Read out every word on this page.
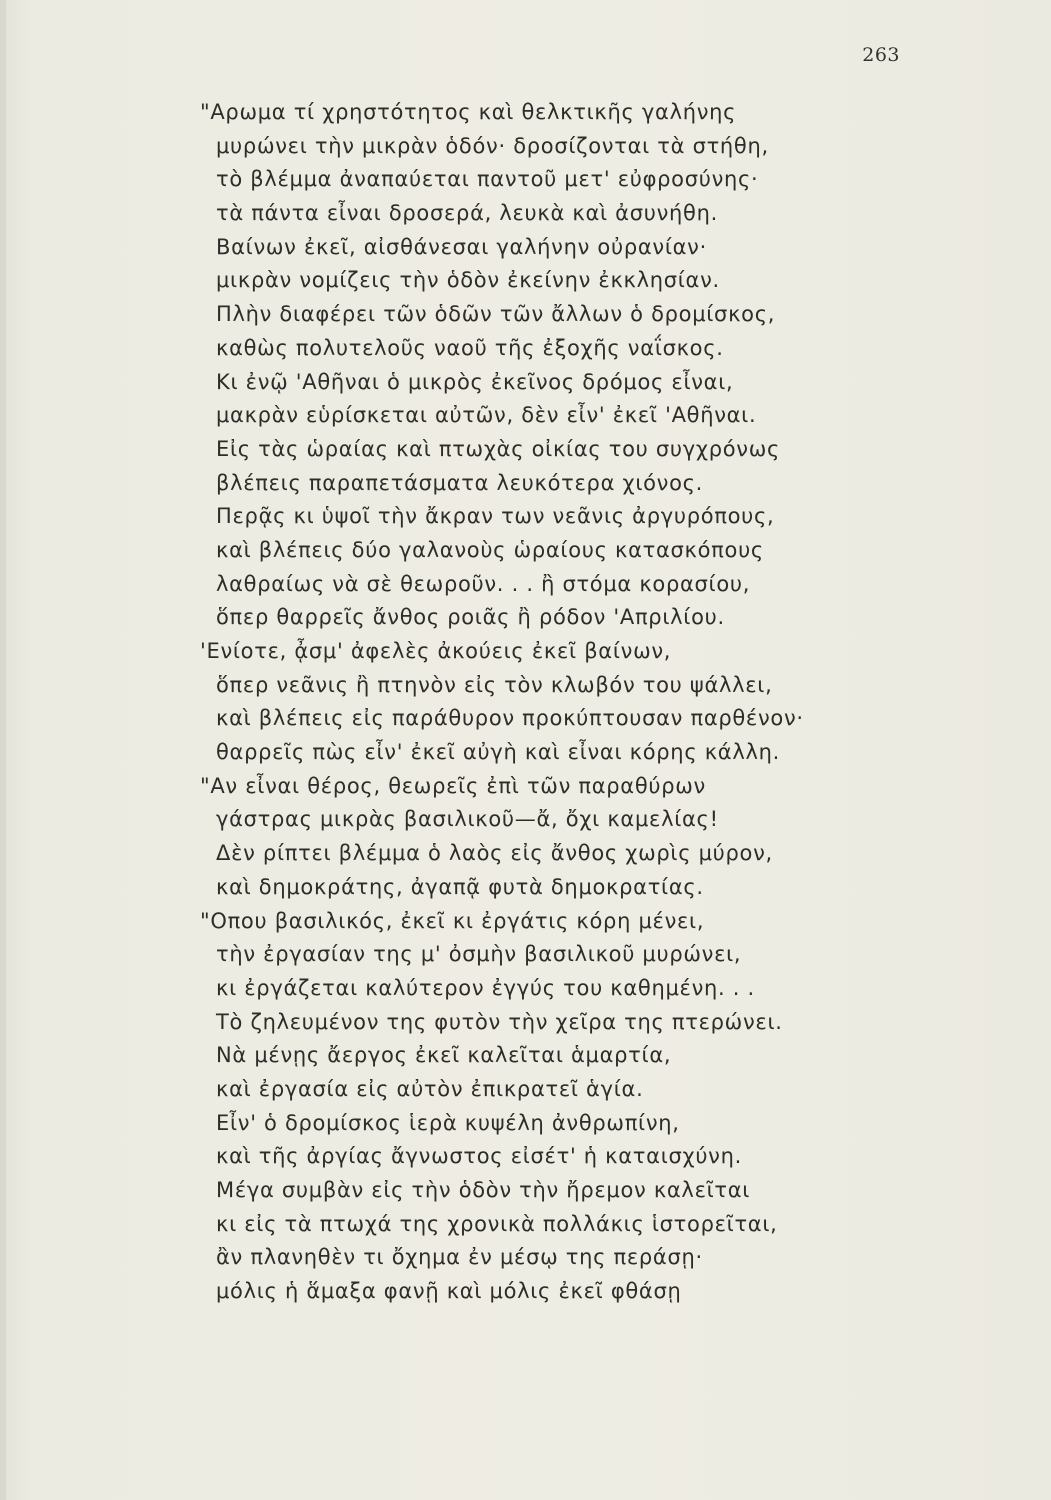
263
"Αρωμα τί χρηστότητος καὶ θελκτικῆς γαλήνης
μυρώνει τὴν μικρὰν ὁδόν· δροσίζονται τὰ στήθη,
τὸ βλέμμα ἀναπαύεται παντοῦ μετ' εὐφροσύνης·
τὰ πάντα εἶναι δροσερά, λευκὰ καὶ ἀσυνήθη.
Βαίνων ἐκεῖ, αἰσθάνεσαι γαλήνην οὐρανίαν·
μικρὰν νομίζεις τὴν ὁδὸν ἐκείνην ἐκκλησίαν.
Πλὴν διαφέρει τῶν ὁδῶν τῶν ἄλλων ὁ δρομίσκος,
καθὼς πολυτελοῦς ναοῦ τῆς ἐξοχῆς ναΐσκος.
Κι ἐνῷ 'Αθῆναι ὁ μικρὸς ἐκεῖνος δρόμος εἶναι,
μακρὰν εὑρίσκεται αὐτῶν, δὲν εἶν' ἐκεῖ 'Αθῆναι.
Εἰς τὰς ὡραίας καὶ πτωχὰς οἰκίας του συγχρόνως
βλέπεις παραπετάσματα λευκότερα χιόνος.
Περᾷς κι ὑψοῖ τὴν ἄκραν των νεᾶνις ἀργυρόπους,
καὶ βλέπεις δύο γαλανοὺς ὡραίους κατασκόπους
λαθραίως νὰ σὲ θεωροῦν. . . ἢ στόμα κορασίου,
ὅπερ θαρρεῖς ἄνθος ροιᾶς ἢ ρόδον 'Απριλίου.
'Ενίοτε, ᾆσμ' ἀφελὲς ἀκούεις ἐκεῖ βαίνων,
ὅπερ νεᾶνις ἢ πτηνὸν εἰς τὸν κλωβόν του ψάλλει,
καὶ βλέπεις εἰς παράθυρον προκύπτουσαν παρθένον·
θαρρεῖς πὼς εἶν' ἐκεῖ αὐγὴ καὶ εἶναι κόρης κάλλη.
"Αν εἶναι θέρος, θεωρεῖς ἐπὶ τῶν παραθύρων
γάστρας μικρὰς βασιλικοῦ—ἄ, ὄχι καμελίας!
Δὲν ρίπτει βλέμμα ὁ λαὸς εἰς ἄνθος χωρὶς μύρον,
καὶ δημοκράτης, ἀγαπᾷ φυτὰ δημοκρατίας.
"Οπου βασιλικός, ἐκεῖ κι ἐργάτις κόρη μένει,
τὴν ἐργασίαν της μ' ὀσμὴν βασιλικοῦ μυρώνει,
κι ἐργάζεται καλύτερον ἐγγύς του καθημένη. . .
Τὸ ζηλευμένον της φυτὸν τὴν χεῖρα της πτερώνει.
Νὰ μένῃς ἄεργος ἐκεῖ καλεῖται ἁμαρτία,
καὶ ἐργασία εἰς αὐτὸν ἐπικρατεῖ ἁγία.
Εἶν' ὁ δρομίσκος ἱερὰ κυψέλη ἀνθρωπίνη,
καὶ τῆς ἀργίας ἄγνωστος εἰσέτ' ἡ καταισχύνη.
Μέγα συμβὰν εἰς τὴν ὁδὸν τὴν ἤρεμον καλεῖται
κι εἰς τὰ πτωχά της χρονικὰ πολλάκις ἱστορεῖται,
ἂν πλανηθὲν τι ὄχημα ἐν μέσῳ της περάσῃ·
μόλις ἡ ἅμαξα φανῇ καὶ μόλις ἐκεῖ φθάσῃ
